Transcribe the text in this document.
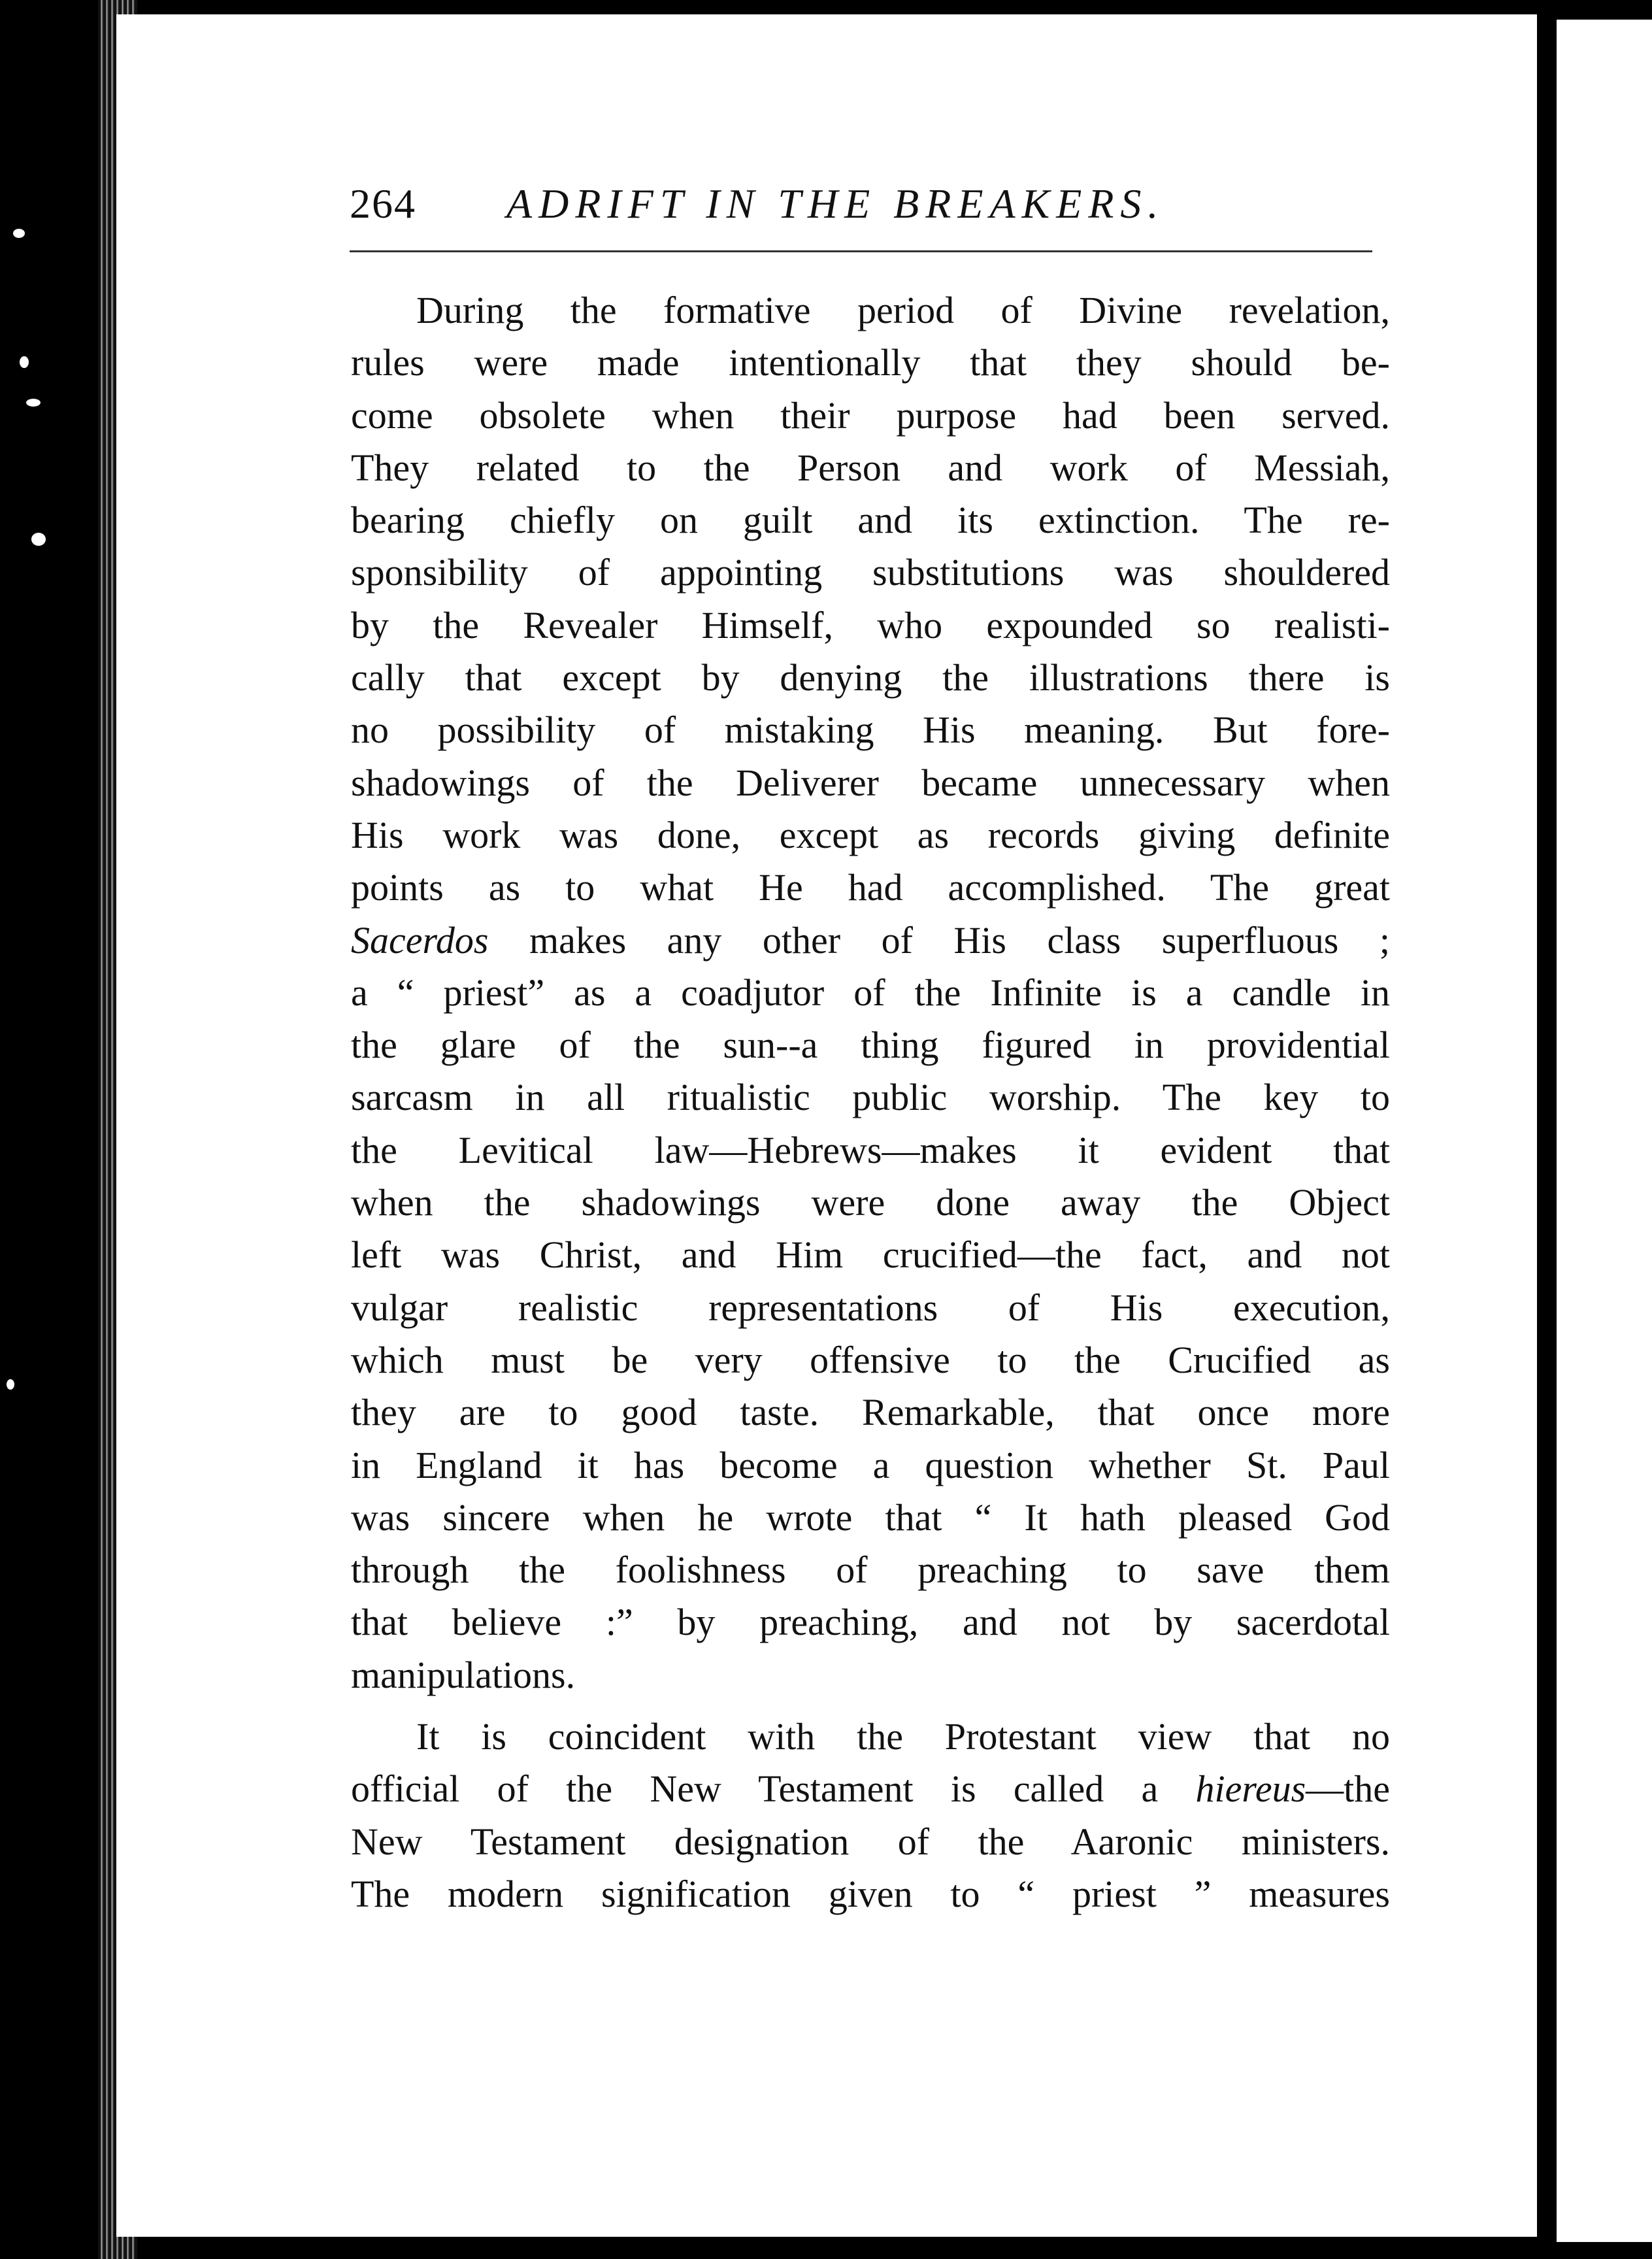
264 ADRIFT IN THE BREAKERS.
During the formative period of Divine revelation,
rules were made intentionally that they should be-
come obsolete when their purpose had been served.
They related to the Person and work of Messiah,
bearing chiefly on guilt and its extinction. The re-
sponsibility of appointing substitutions was shouldered
by the Revealer Himself, who expounded so realisti-
cally that except by denying the illustrations there is
no possibility of mistaking His meaning. But fore-
shadowings of the Deliverer became unnecessary when
His work was done, except as records giving definite
points as to what He had accomplished. The great
Sacerdos makes any other of His class superfluous ;
a “ priest” as a coadjutor of the Infinite is a candle in
the glare of the sun--a thing figured in providential
sarcasm in all ritualistic public worship. The key to
the Levitical law—Hebrews—makes it evident that
when the shadowings were done away the Object
left was Christ, and Him crucified—the fact, and not
vulgar realistic representations of His execution,
which must be very offensive to the Crucified as
they are to good taste. Remarkable, that once more
in England it has become a question whether St. Paul
was sincere when he wrote that “ It hath pleased God
through the foolishness of preaching to save them
that believe :” by preaching, and not by sacerdotal
manipulations.
It is coincident with the Protestant view that no
official of the New Testament is called a hiereus—the
New Testament designation of the Aaronic ministers.
The modern signification given to “ priest ” measures
